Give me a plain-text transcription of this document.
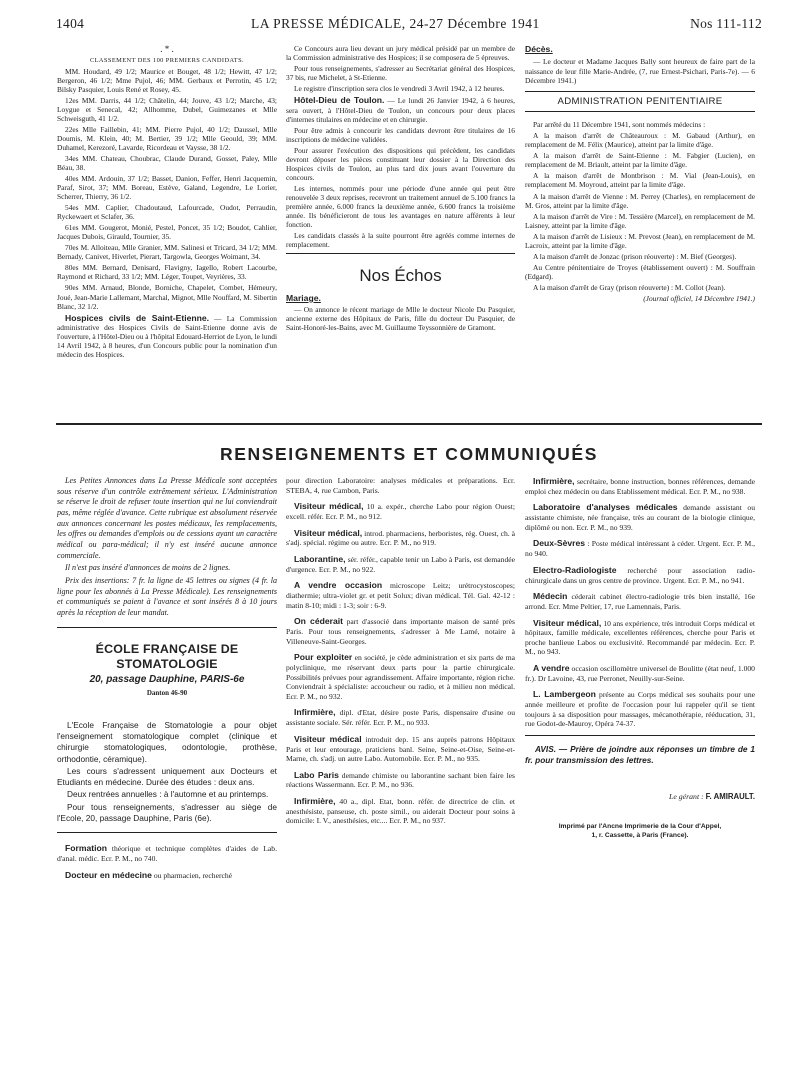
1404	LA PRESSE MÉDICALE, 24-27 Décembre 1941	Nos 111-112
. * .
CLASSEMENT DES 100 PREMIERS CANDIDATS.
MM. Houdard, 49 1/2; Maurice et Bouget, 48 1/2; Hewitt, 47 1/2; Bergeron, 46 1/2; Mme Pujol, 46; MM. Gerbaux et Perrotin, 45 1/2; Bilsky Pasquier, Louis René et Rosey, 45.
12es MM. Darris, 44 1/2; Châtelin, 44; Jouve, 43 1/2; Marche, 43; Loygue et Senecal, 42; Allhomme, Dubel, Guimezanes et Mlle Schweisguth, 41 1/2.
22es Mlle Faillebin, 41; MM. Pierre Pujol, 40 1/2; Daussel, Mlle Doumis, M. Klein, 40; M. Bertier, 39 1/2; Mlle Geould, 39; MM. Duhamel, Kerezoré, Lavarde, Ricordeau et Vaysse, 38 1/2.
34es MM. Chateau, Choubrac, Claude Durand, Gosset, Paley, Mlle Béau, 38.
40es MM. Ardouin, 37 1/2; Basset, Danion, Feffer, Henri Jacquemin, Paraf, Sirot, 37; MM. Boreau, Estève, Galand, Legendre, Le Lorier, Scherrer, Thierry, 36 1/2.
54es MM. Caplier, Chadoutaud, Lafourcade, Oudot, Perraudin, Ryckewaert et Sclafer, 36.
61es MM. Gougerot, Monié, Pestel, Poncet, 35 1/2; Boudot, Cahlier, Jacques Dubois, Girauld, Tournier, 35.
70es M. Alloiteau, Mlle Granier, MM. Salinesi et Tricard, 34 1/2; MM. Bernady, Canivet, Hiverlet, Pierart, Targowla, Georges Woimant, 34.
80es MM. Bernard, Denisard, Flavigny, Iagello, Robert Lacourbe, Raymond et Richard, 33 1/2; MM. Léger, Toupet, Veyrières, 33.
90es MM. Arnaud, Blonde, Borniche, Chapelet, Combet, Hémeury, Joué, Jean-Marie Lallemant, Marchal, Mignot, Mlle Nouffard, M. Sibertin Blanc, 32 1/2.
Hospices civils de Saint-Etienne. — La Commission administrative des Hospices Civils de Saint-Etienne donne avis de l'ouverture, à l'Hôtel-Dieu ou à l'hôpital Edouard-Herriot de Lyon, le lundi 14 Avril 1942, à 8 heures, d'un Concours public pour la nomination d'un médecin des Hospices.
Ce Concours aura lieu devant un jury médical présidé par un membre de la Commission administrative des Hospices; il se composera de 5 épreuves.
Pour tous renseignements, s'adresser au Secrétariat général des Hospices, 37 bis, rue Michelet, à St-Etienne.
Le registre d'inscription sera clos le vendredi 3 Avril 1942, à 12 heures.
Hôtel-Dieu de Toulon. — Le lundi 26 Janvier 1942, à 6 heures, sera ouvert, à l'Hôtel-Dieu de Toulon, un concours pour deux places d'internes titulaires en médecine et en chirurgie.
Pour être admis à concourir les candidats devront être titulaires de 16 inscriptions de médecine validées.
Pour assurer l'exécution des dispositions qui précèdent, les candidats devront déposer les pièces constituant leur dossier à la Direction des Hospices civils de Toulon, au plus tard dix jours avant l'ouverture du concours.
Les internes, nommés pour une période d'une année qui peut être renouvelée 3 deux reprises, recevront un traitement annuel de 5.100 francs la première année, 6.000 francs la deuxième année, 6.600 francs la troisième année. Ils bénéficieront de tous les avantages en nature afférents à leur fonction.
Les candidats classés à la suite pourront être agréés comme internes de remplacement.
Nos Échos
Mariage.
— On annonce le récent mariage de Mlle le docteur Nicole Du Pasquier, ancienne externe des Hôpitaux de Paris, fille du docteur Du Pasquier, de Saint-Honoré-les-Bains, avec M. Guillaume Teyssonnière de Gramont.
Décès.
— Le docteur et Madame Jacques Bally sont heureux de faire part de la naissance de leur fille Marie-Andrée, (7, rue Ernest-Psichari, Paris-7e). — 6 Décembre 1941.)
ADMINISTRATION PENITENTIAIRE
Par arrêté du 11 Décembre 1941, sont nommés médecins :
A la maison d'arrêt de Châteauroux : M. Gabaud (Arthur), en remplacement de M. Félix (Maurice), atteint par la limite d'âge.
A la maison d'arrêt de Saint-Etienne : M. Fabgier (Lucien), en remplacement de M. Briault, atteint par la limite d'âge.
A la maison d'arrêt de Montbrison : M. Vial (Jean-Louis), en remplacement M. Moyroud, atteint par la limite d'âge.
A la maison d'arrêt de Vienne : M. Perrey (Charles), en remplacement de M. Gros, atteint par la limite d'âge.
A la maison d'arrêt de Vire : M. Tessière (Marcel), en remplacement de M. Laisney, atteint par la limite d'âge.
A la maison d'arrêt de Lisieux : M. Prevost (Jean), en remplacement de M. Lacroix, atteint par la limite d'âge.
A la maison d'arrêt de Jonzac (prison réouverte) : M. Bief (Georges).
Au Centre pénitentiaire de Troyes (établissement ouvert) : M. Souffrain (Edgard).
A la maison d'arrêt de Gray (prison réouverte) : M. Collot (Jean).
(Journal officiel, 14 Décembre 1941.)
RENSEIGNEMENTS ET COMMUNIQUÉS
Les Petites Annonces dans La Presse Médicale sont acceptées sous réserve d'un contrôle extrêmement sérieux. L'Administration se réserve le droit de refuser toute insertion qui ne lui conviendrait pas, même réglée d'avance. Cette rubrique est absolument réservée aux annonces concernant les postes médicaux, les remplacements, les offres ou demandes d'emplois ou de cessions ayant un caractère médical ou para-médical; il n'y est inséré aucune annonce commerciale.
Il n'est pas inséré d'annonces de moins de 2 lignes.
Prix des insertions: 7 fr. la ligne de 45 lettres ou signes (4 fr. la ligne pour les abonnés à La Presse Médicale). Les renseignements et communiqués se paient à l'avance et sont insérés 8 à 10 jours après la réception de leur mandat.
ÉCOLE FRANÇAISE DE STOMATOLOGIE
20, passage Dauphine, PARIS-6e
Danton 46-90
L'Ecole Française de Stomatologie a pour objet l'enseignement stomatologique complet (clinique et chirurgie stomatologiques, odontologie, prothèse, orthodontie, céramique).
Les cours s'adressent uniquement aux Docteurs et Etudiants en médecine. Durée des études : deux ans.
Deux rentrées annuelles : à l'automne et au printemps.
Pour tous renseignements, s'adresser au siège de l'Ecole, 20, passage Dauphine, Paris (6e).
Formation théorique et technique complètes d'aides de Lab. d'anal. médic. Ecr. P. M., no 740.
Docteur en médecine ou pharmacien, recherché
pour direction Laboratoire: analyses médicales et préparations. Ecr. STEBA, 4, rue Cambon, Paris.
Visiteur médical, 10 a. expér., cherche Labo pour région Ouest; excell. référ. Ecr. P. M., no 912.
Visiteur médical, introd. pharmaciens, herboristes, rég. Ouest, ch. à s'adj. spécial. régime ou autre. Ecr. P. M., no 919.
Laborantine, sér. référ., capable tenir un Labo à Paris, est demandée d'urgence. Ecr. P. M., no 922.
A vendre occasion microscope Leitz; urétrocystoscopes; diathermie; ultra-violet gr. et petit Solux; divan médical. Tél. Gal. 42-12 : matin 8-10; midi : 1-3; soir : 6-9.
On céderait part d'associé dans importante maison de santé près Paris. Pour tous renseignements, s'adresser à Me Lamé, notaire à Villeneuve-Saint-Georges.
Pour exploiter en société, je cède administration et six parts de ma polyclinique, me réservant deux parts pour la partie chirurgicale. Possibilités prévues pour agrandissement. Affaire importante, région riche. Conviendrait à spécialiste: accoucheur ou radio, et à milieu non médical. Ecr. P. M., no 932.
Infirmière, dipl. d'Etat, désire poste Paris, dispensaire d'usine ou assistante sociale. Sér. référ. Ecr. P. M., no 933.
Visiteur médical introduit dep. 15 ans auprès patrons Hôpitaux Paris et leur entourage, praticiens banl. Seine, Seine-et-Oise, Seine-et-Marne, ch. s'adj. un autre Labo. Automobile. Ecr. P. M., no 935.
Labo Paris demande chimiste ou laborantine sachant bien faire les réactions Wassermann. Ecr. P. M., no 936.
Infirmière, 40 a., dipl. Etat, bonn. référ. de directrice de clin. et anesthésiste, panseuse, ch. poste simil., ou aiderait Docteur pour soins à domicile: I. V., anesthésies, etc.... Ecr. P. M., no 937.
Infirmière, secrétaire, bonne instruction, bonnes références, demande emploi chez médecin ou dans Etablissement médical. Ecr. P. M., no 938.
Laboratoire d'analyses médicales demande assistant ou assistante chimiste, née française, très au courant de la biologie clinique, diplômé ou non. Ecr. P. M., no 939.
Deux-Sèvres : Poste médical intéressant à céder. Urgent. Ecr. P. M., no 940.
Electro-Radiologiste recherché pour association radio-chirurgicale dans un gros centre de province. Urgent. Ecr. P. M., no 941.
Médecin céderait cabinet électro-radiologie très bien installé, 16e arrond. Ecr. Mme Peltier, 17, rue Lamennais, Paris.
Visiteur médical, 10 ans expérience, très introduit Corps médical et hôpitaux, famille médicale, excellentes références, cherche pour Paris et proche banlieue Labos ou exclusivité. Recommandé par médecin. Ecr. P. M., no 943.
A vendre occasion oscillomètre universel de Boulitte (état neuf, 1.000 fr.). Dr Lavoine, 43, rue Perronet, Neuilly-sur-Seine.
L. Lambergeon présente au Corps médical ses souhaits pour une année meilleure et profite de l'occasion pour lui rappeler qu'il se tient toujours à sa disposition pour massages, mécanothérapie, rééducation, 31, rue Godot-de-Mauroy, Opéra 74-37.
AVIS. — Prière de joindre aux réponses un timbre de 1 fr. pour transmission des lettres.
Le gérant : F. AMIRAULT.
Imprimé par l'Ancne Imprimerie de la Cour d'Appel,
1, r. Cassette, à Paris (France).
